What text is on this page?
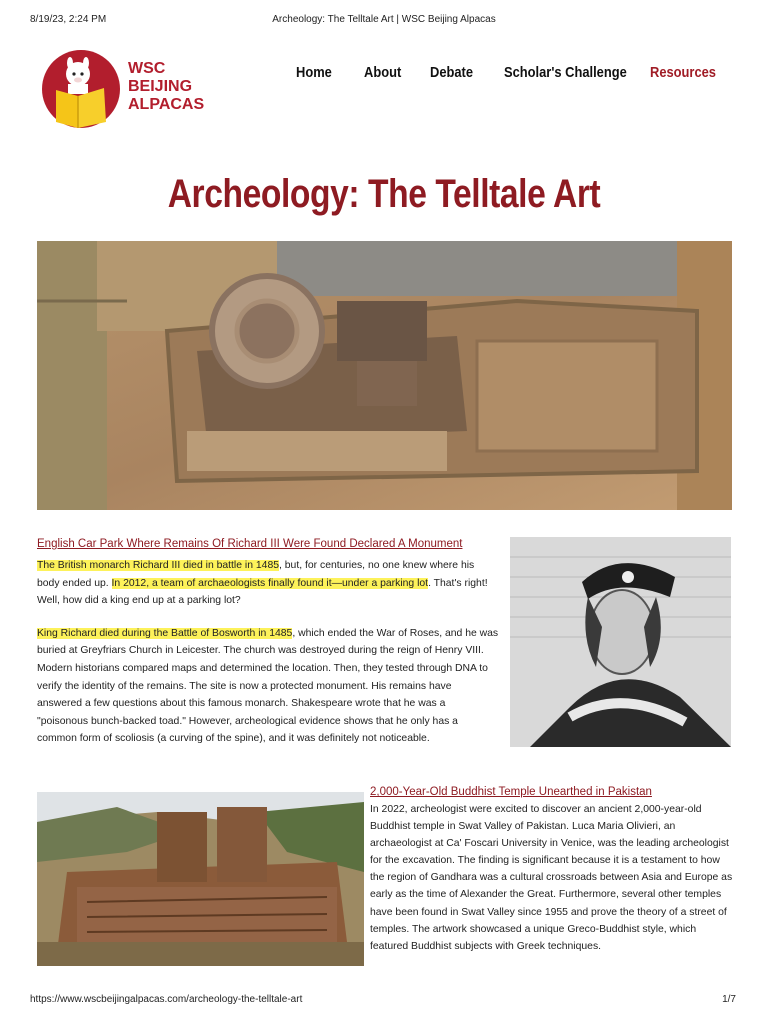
8/19/23, 2:24 PM	Archeology: The Telltale Art | WSC Beijing Alpacas
WSC
BEIJING
ALPACAS
Home About Debate Scholar's Challenge Resources
Archeology: The Telltale Art
English Car Park Where Remains Of Richard III Were Found Declared A Monument

The British monarch Richard III died in battle in 1485, but, for centuries, no one knew where his body ended up. In 2012, a team of archaeologists finally found it—under a parking lot. That's right! Well, how did a king end up at a parking lot?

King Richard died during the Battle of Bosworth in 1485, which ended the War of Roses, and he was buried at Greyfriars Church in Leicester. The church was destroyed during the reign of Henry VIII. Modern historians compared maps and determined the location. Then, they tested through DNA to verify the identity of the remains. The site is now a protected monument. His remains have answered a few questions about this famous monarch. Shakespeare wrote that he was a "poisonous bunch-backed toad." However, archeological evidence shows that he only has a common form of scoliosis (a curving of the spine), and it was definitely not noticeable.

2,000-Year-Old Buddhist Temple Unearthed in Pakistan

In 2022, archeologist were excited to discover an ancient 2,000-year-old Buddhist temple in Swat Valley of Pakistan. Luca Maria Olivieri, an archaeologist at Ca' Foscari University in Venice, was the leading archeologist for the excavation. The finding is significant because it is a testament to how the region of Gandhara was a cultural crossroads between Asia and Europe as early as the time of Alexander the Great. Furthermore, several other temples have been found in Swat Valley since 1955 and prove the theory of a street of temples. The artwork showcased a unique Greco-Buddhist style, which featured Buddhist subjects with Greek techniques.

https://www.wscbeijingalpacas.com/archeology-the-telltale-art	1/7
